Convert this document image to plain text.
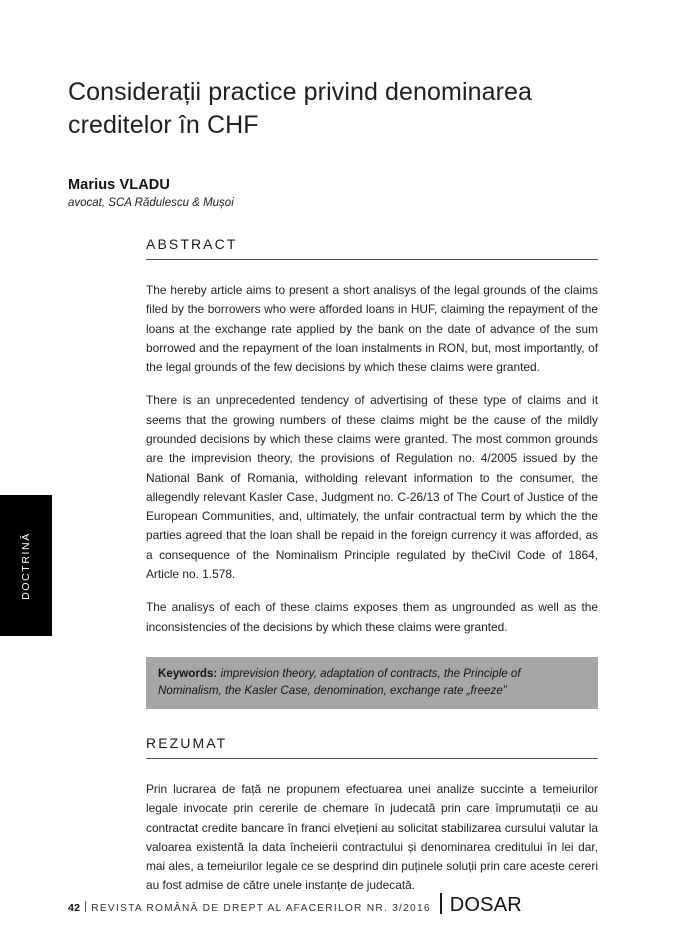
DOCTRINĂ
Considerații practice privind denominarea creditelor în CHF
Marius VLADU
avocat, SCA Rădulescu & Mușoi
ABSTRACT

The hereby article aims to present a short analisys of the legal grounds of the claims filed by the borrowers who were afforded loans in HUF, claiming the repayment of the loans at the exchange rate applied by the bank on the date of advance of the sum borrowed and the repayment of the loan instalments in RON, but, most importantly, of the legal grounds of the few decisions by which these claims were granted.

There is an unprecedented tendency of advertising of these type of claims and it seems that the growing numbers of these claims might be the cause of the mildly grounded decisions by which these claims were granted. The most common grounds are the imprevision theory, the provisions of Regulation no. 4/2005 issued by the National Bank of Romania, witholding relevant information to the consumer, the allegendly relevant Kasler Case, Judgment no. C-26/13 of The Court of Justice of the European Communities, and, ultimately, the unfair contractual term by which the the parties agreed that the loan shall be repaid in the foreign currency it was afforded, as a consequence of the Nominalism Principle regulated by theCivil Code of 1864, Article no. 1.578.

The analisys of each of these claims exposes them as ungrounded as well as the inconsistencies of the decisions by which these claims were granted.

Keywords: imprevision theory, adaptation of contracts, the Principle of Nominalism, the Kasler Case, denomination, exchange rate „freeze”
REZUMAT

Prin lucrarea de față ne propunem efectuarea unei analize succinte a temeiurilor legale invocate prin cererile de chemare în judecată prin care împrumutații ce au contractat credite bancare în franci elvețieni au solicitat stabilizarea cursului valutar la valoarea existentă la data încheierii contractului și denominarea creditului în lei dar, mai ales, a temeiurilor legale ce se desprind din puținele soluții prin care aceste cereri au fost admise de către unele instanțe de judecată.

42 REVISTA ROMÂNĂ DE DREPT AL AFACERILOR NR. 3/2016 DOSAR
